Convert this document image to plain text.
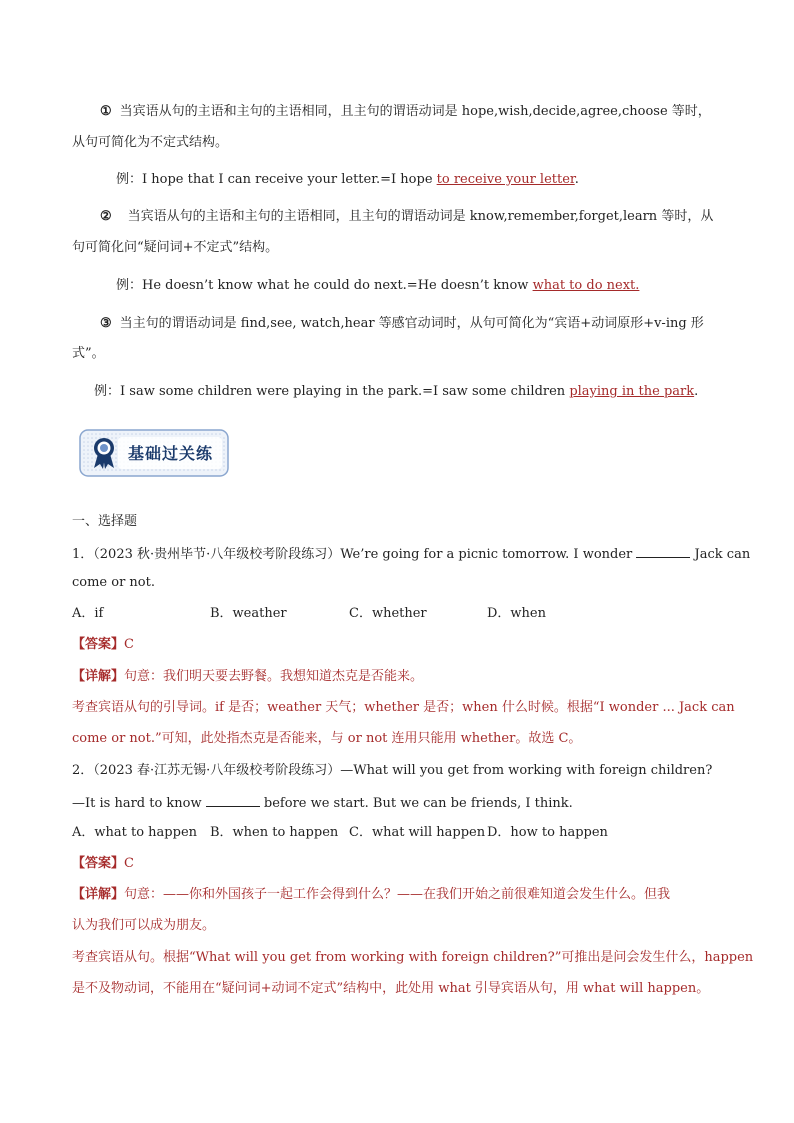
① 当宾语从句的主语和主句的主语相同，且主句的谓语动词是 hope,wish,decide,agree,choose 等时，
从句可简化为不定式结构。
例：I hope that I can receive your letter.=I hope to receive your letter.
② 当宾语从句的主语和主句的主语相同，且主句的谓语动词是 know,remember,forget,learn 等时，从
句可简化问“疑问词+不定式”结构。
例：He doesn’t know what he could do next.=He doesn’t know what to do next.
③ 当主句的谓语动词是 find,see, watch,hear 等感官动词时，从句可简化为“宾语+动词原形+v-ing 形
式”。
例：I saw some children were playing in the park.=I saw some children playing in the park.
基础过关练
一、选择题
1．（2023 秋·贵州毕节·八年级校考阶段练习）We’re going for a picnic tomorrow. I wonder	Jack can
come or not.
A．if	B．weather	C．whether	D．when
【答案】C
【详解】句意：我们明天要去野餐。我想知道杰克是否能来。
考查宾语从句的引导词。if 是否；weather 天气；whether 是否；when 什么时候。根据“I wonder ... Jack can
come or not.”可知，此处指杰克是否能来，与 or not 连用只能用 whether。故选 C。
2．（2023 春·江苏无锡·八年级校考阶段练习）—What will you get from working with foreign children?
—It is hard to know	before we start. But we can be friends, I think.
A．what to happen B．when to happen C．what will happen D．how to happen
【答案】C
【详解】句意：——你和外国孩子一起工作会得到什么？——在我们开始之前很难知道会发生什么。但我
认为我们可以成为朋友。
考查宾语从句。根据“What will you get from working with foreign children?”可推出是问会发生什么，happen
是不及物动词，不能用在“疑问词+动词不定式”结构中，此处用 what 引导宾语从句，用 what will happen。
